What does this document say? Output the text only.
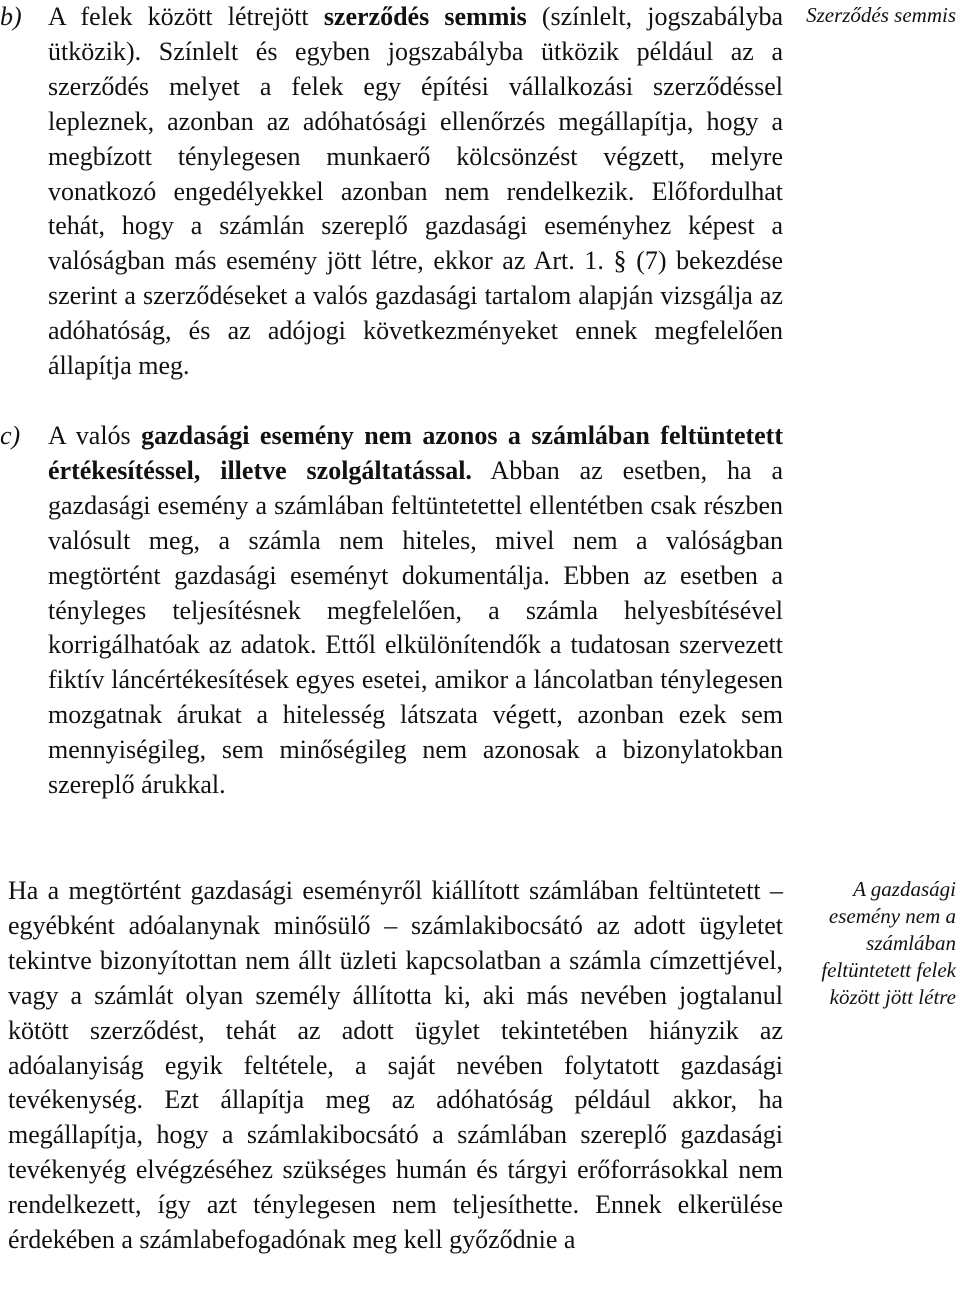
b) A felek között létrejött szerződés semmis (színlelt, jogszabályba ütközik). Színlelt és egyben jogszabályba ütközik például az a szerződés melyet a felek egy építési vállalkozási szerződéssel lepleznek, azonban az adóhatósági ellenőrzés megállapítja, hogy a megbízott ténylegesen munkaerő kölcsönzést végzett, melyre vonatkozó engedélyekkel azonban nem rendelkezik. Előfordulhat tehát, hogy a számlán szereplő gazdasági eseményhez képest a valóságban más esemény jött létre, ekkor az Art. 1. § (7) bekezdése szerint a szerződéseket a valós gazdasági tartalom alapján vizsgálja az adóhatóság, és az adójogi következményeket ennek megfelelően állapítja meg.
c) A valós gazdasági esemény nem azonos a számlában feltüntetett értékesítéssel, illetve szolgáltatással. Abban az esetben, ha a gazdasági esemény a számlában feltüntetettel ellentétben csak részben valósult meg, a számla nem hiteles, mivel nem a valóságban megtörtént gazdasági eseményt dokumentálja. Ebben az esetben a tényleges teljesítésnek megfelelően, a számla helyesbítésével korrigálhatóak az adatok. Ettől elkülönítendők a tudatosan szervezett fiktív láncértékesítések egyes esetei, amikor a láncolatban ténylegesen mozgatnak árukat a hitelesség látszata végett, azonban ezek sem mennyiségileg, sem minőségileg nem azonosak a bizonylatokban szereplő árukkal.
Ha a megtörtént gazdasági eseményről kiállított számlában feltüntetett – egyébként adóalanynak minősülő – számlakibocsátó az adott ügyletet tekintve bizonyítottan nem állt üzleti kapcsolatban a számla címzettjével, vagy a számlát olyan személy állította ki, aki más nevében jogtalanul kötött szerződést, tehát az adott ügylet tekintetében hiányzik az adóalanyiság egyik feltétele, a saját nevében folytatott gazdasági tevékenység. Ezt állapítja meg az adóhatóság például akkor, ha megállapítja, hogy a számlakibocsátó a számlában szereplő gazdasági tevékenyég elvégzéséhez szükséges humán és tárgyi erőforrásokkal nem rendelkezett, így azt ténylegesen nem teljesíthette. Ennek elkerülése érdekében a számlabefogadónak meg kell győződnie a
Szerződés semmis
A gazdasági esemény nem a számlában feltüntetett felek között jött létre
